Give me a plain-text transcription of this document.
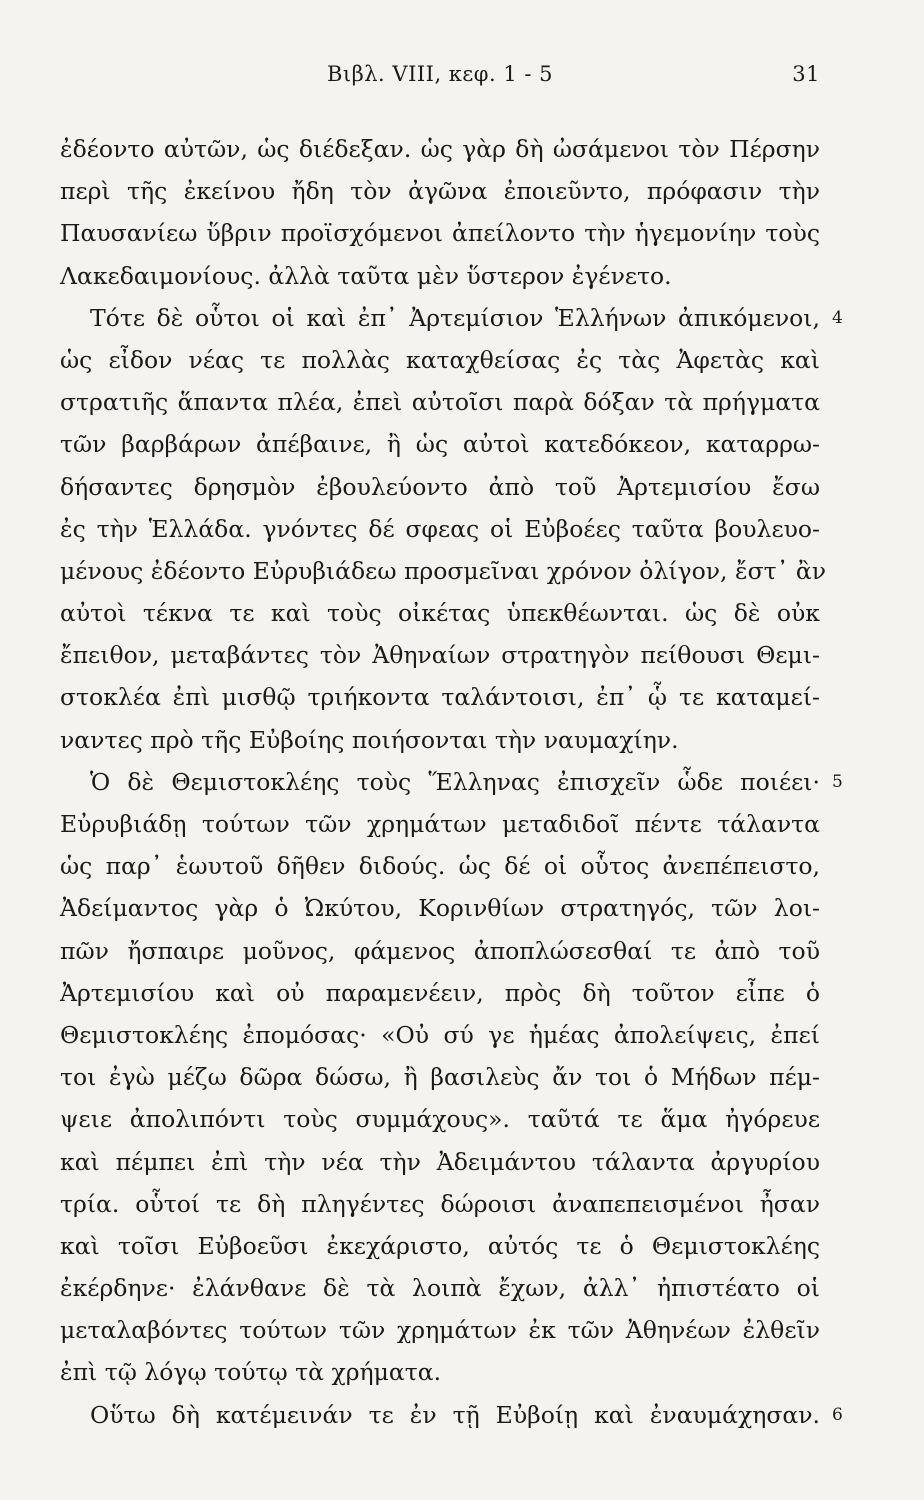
Βιβλ. VIII, κεφ. 1 - 5	31
ἐδέοντο αὐτῶν, ὡς διέδεξαν. ὡς γὰρ δὴ ὠσάμενοι τὸν Πέρσην
περὶ τῆς ἐκείνου ἤδη τὸν ἀγῶνα ἐποιεῦντο, πρόφασιν τὴν
Παυσανίεω ὕβριν προϊσχόμενοι ἀπείλοντο τὴν ἡγεμονίην τοὺς
Λακεδαιμονίους. ἀλλὰ ταῦτα μὲν ὕστερον ἐγένετο.
Τότε δὲ οὗτοι οἱ καὶ ἐπ᾽ Ἀρτεμίσιον Ἑλλήνων ἀπικόμενοι, 4
ὡς εἶδον νέας τε πολλὰς καταχθείσας ἐς τὰς Ἀφετὰς καὶ
στρατιῆς ἅπαντα πλέα, ἐπεὶ αὐτοῖσι παρὰ δόξαν τὰ πρήγματα
τῶν βαρβάρων ἀπέβαινε, ἢ ὡς αὐτοὶ κατεδόκεον, καταρρω-
δήσαντες δρησμὸν ἐβουλεύοντο ἀπὸ τοῦ Ἀρτεμισίου ἔσω
ἐς τὴν Ἑλλάδα. γνόντες δέ σφεας οἱ Εὐβοέες ταῦτα βουλευο-
μένους ἐδέοντο Εὐρυβιάδεω προσμεῖναι χρόνον ὀλίγον, ἔστ᾽ ἂν
αὐτοὶ τέκνα τε καὶ τοὺς οἰκέτας ὑπεκθέωνται. ὡς δὲ οὐκ
ἔπειθον, μεταβάντες τὸν Ἀθηναίων στρατηγὸν πείθουσι Θεμι-
στοκλέα ἐπὶ μισθῷ τριήκοντα ταλάντοισι, ἐπ᾽ ᾧ τε καταμεί-
ναντες πρὸ τῆς Εὐβοίης ποιήσονται τὴν ναυμαχίην.
Ὁ δὲ Θεμιστοκλέης τοὺς Ἕλληνας ἐπισχεῖν ὧδε ποιέει· 5
Εὐρυβιάδῃ τούτων τῶν χρημάτων μεταδιδοῖ πέντε τάλαντα
ὡς παρ᾽ ἑωυτοῦ δῆθεν διδούς. ὡς δέ οἱ οὗτος ἀνεπέπειστο,
Ἀδείμαντος γὰρ ὁ Ὠκύτου, Κορινθίων στρατηγός, τῶν λοι-
πῶν ἤσπαιρε μοῦνος, φάμενος ἀποπλώσεσθαί τε ἀπὸ τοῦ
Ἀρτεμισίου καὶ οὐ παραμενέειν, πρὸς δὴ τοῦτον εἶπε ὁ
Θεμιστοκλέης ἐπομόσας· «Οὐ σύ γε ἡμέας ἀπολείψεις, ἐπεί
τοι ἐγὼ μέζω δῶρα δώσω, ἢ βασιλεὺς ἄν τοι ὁ Μήδων πέμ-
ψειε ἀπολιπόντι τοὺς συμμάχους». ταῦτά τε ἅμα ἠγόρευε
καὶ πέμπει ἐπὶ τὴν νέα τὴν Ἀδειμάντου τάλαντα ἀργυρίου
τρία. οὗτοί τε δὴ πληγέντες δώροισι ἀναπεπεισμένοι ἦσαν
καὶ τοῖσι Εὐβοεῦσι ἐκεχάριστο, αὐτός τε ὁ Θεμιστοκλέης
ἐκέρδηνε· ἐλάνθανε δὲ τὰ λοιπὰ ἔχων, ἀλλ᾽ ἠπιστέατο οἱ
μεταλαβόντες τούτων τῶν χρημάτων ἐκ τῶν Ἀθηνέων ἐλθεῖν
ἐπὶ τῷ λόγῳ τούτῳ τὰ χρήματα.
Οὕτω δὴ κατέμεινάν τε ἐν τῇ Εὐβοίῃ καὶ ἐναυμάχησαν. 6
